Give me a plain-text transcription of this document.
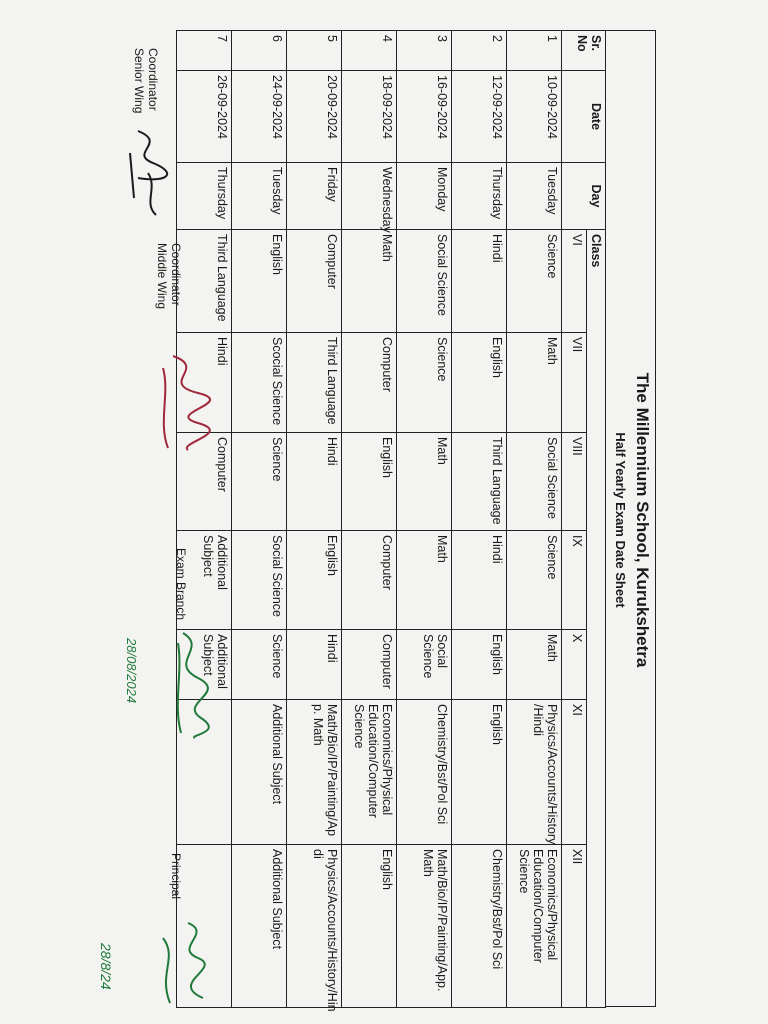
The Millennium School, Kurukshetra
Half Yearly Exam Date Sheet
Sr. No	Date	Day	Class						
			VI	VII	VIII	IX	X	XI	XII
1	10-09-2024	Tuesday	Science	Math	Social Science	Science	Math	Physics/Accounts/History /Hindi	Economics/Physical Education/Computer Science
2	12-09-2024	Thursday	Hindi	English	Third Language	Hindi	English	English	Chemistry/Bst/Pol Sci
3	16-09-2024	Monday	Social Science	Science	Math	Math	Social Science	Chemistry/Bst/Pol Sci	Math/Bio/IP/Painting/App. Math
4	18-09-2024	Wednesday	Math	Computer	English	Computer	Computer	Economics/Physical Education/Computer Science	English
5	20-09-2024	Friday	Computer	Third Language	Hindi	English	Hindi	Math/Bio/IP/Painting/Ap p. Math	Physics/Accounts/History/Hin di
6	24-09-2024	Tuesday	English	Scocial Science	Science	Social Science	Science	Additional Subject	Additional Subject
7	26-09-2024	Thursday	Third Language	Hindi	Computer	Additional Subject	Additional Subject		
Coordinator
Senior Wing
Coordinator
Middle Wing
Exam Branch
Principal
28/08/2024
28/8/24
